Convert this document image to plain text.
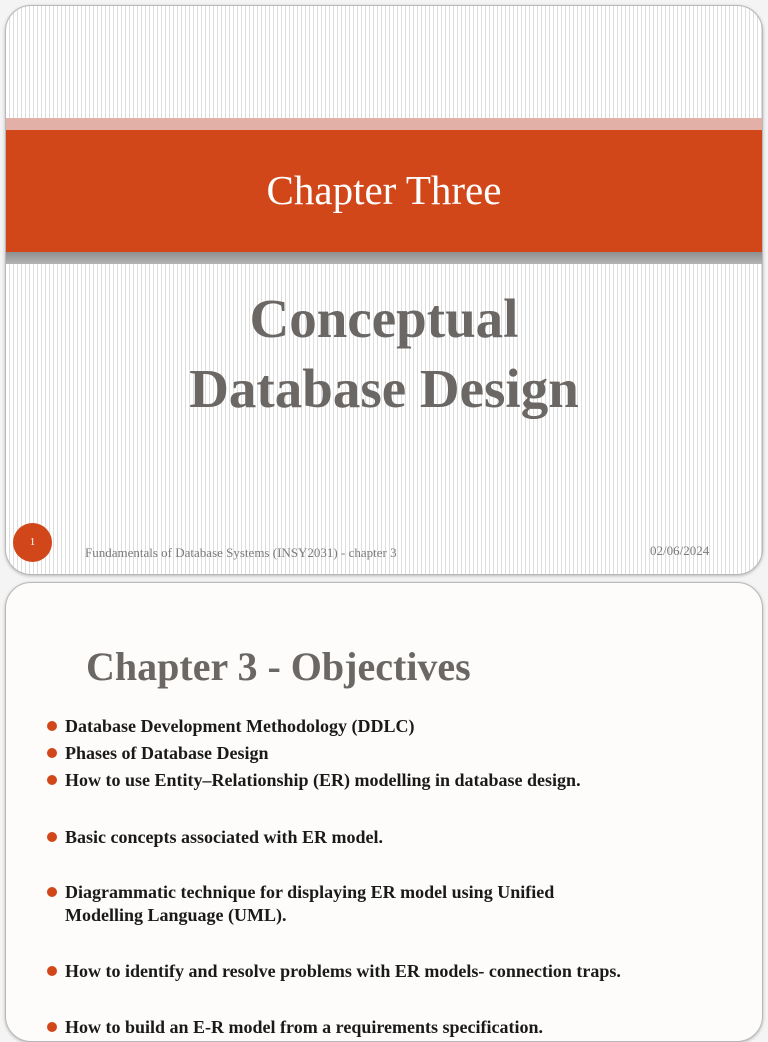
Chapter Three
Conceptual
Database Design
1
Fundamentals of Database Systems (INSY2031) - chapter 3	02/06/2024
Chapter 3 - Objectives
Database Development Methodology (DDLC)
Phases of Database Design
How to use Entity–Relationship (ER) modelling in database design.
Basic concepts associated with ER model.
Diagrammatic technique for displaying ER model using Unified Modelling Language (UML).
How to identify and resolve problems with ER models- connection traps.
How to build an E-R model from a requirements specification.
